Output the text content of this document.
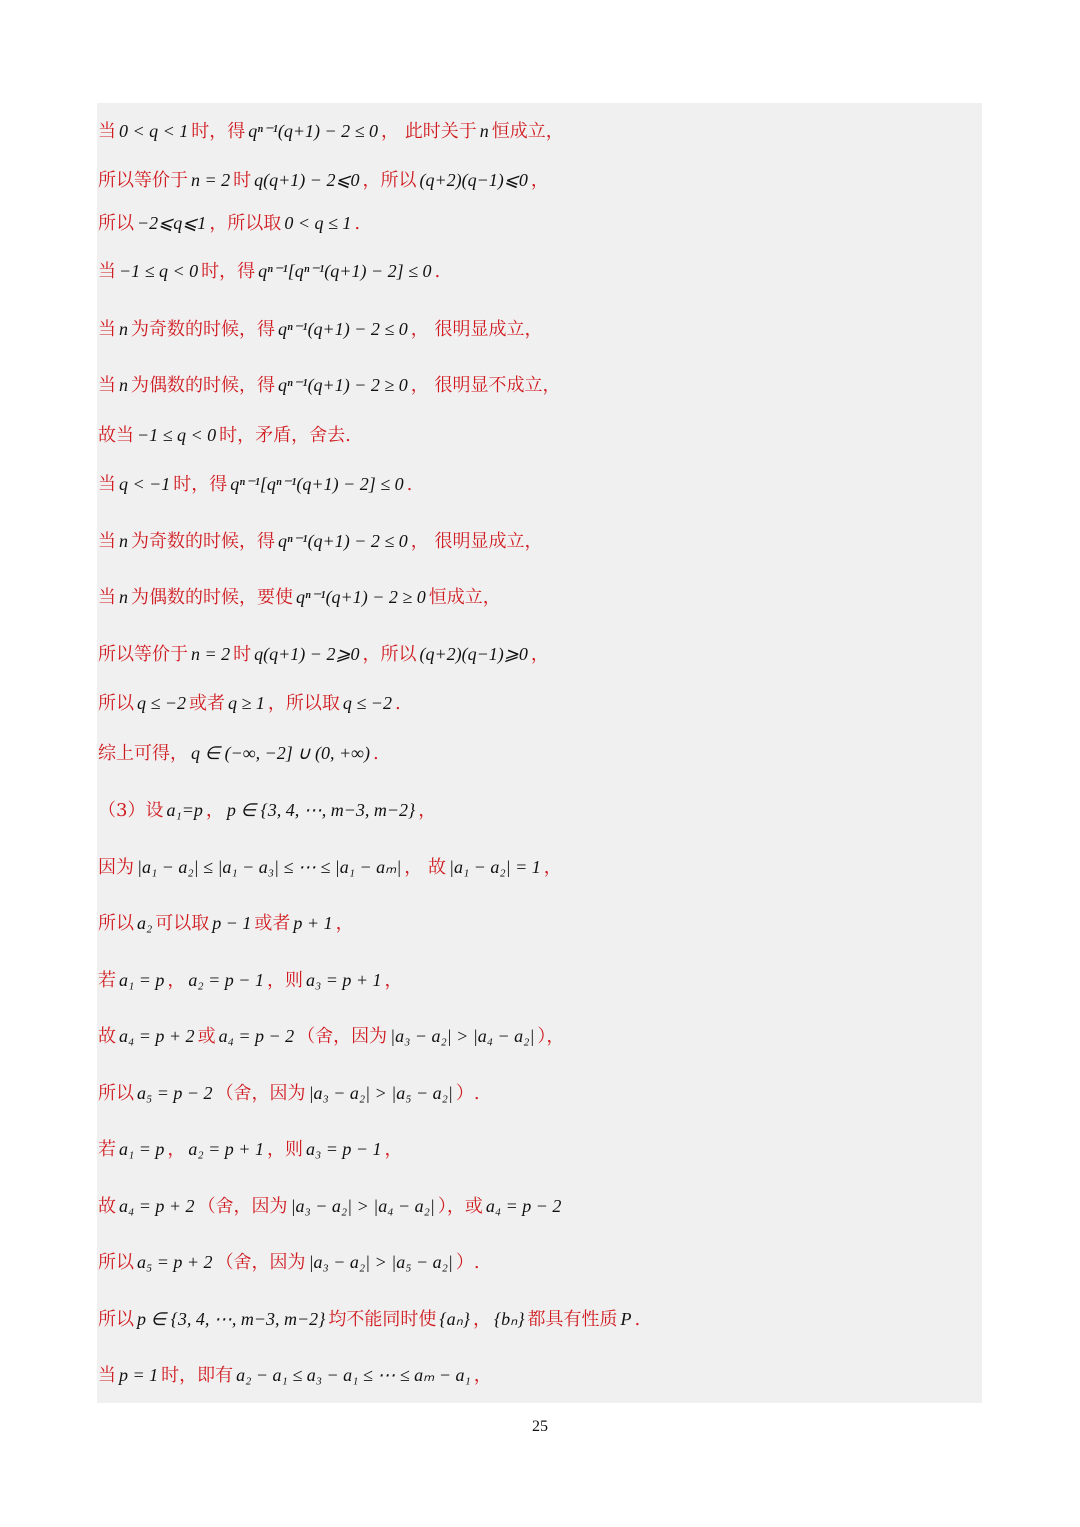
当 0 < q < 1 时，得 qⁿ⁻¹(q+1) − 2 ≤ 0 ， 此时关于 n 恒成立，
所以等价于 n = 2 时 q(q+1) − 2⩽0 ，所以 (q+2)(q−1)⩽0 ，
所以 −2⩽q⩽1 ，所以取 0 < q ≤ 1 .
当 −1 ≤ q < 0 时，得 qⁿ⁻¹[qⁿ⁻¹(q+1) − 2] ≤ 0 .
当 n 为奇数的时候，得 qⁿ⁻¹(q+1) − 2 ≤ 0 ， 很明显成立，
当 n 为偶数的时候，得 qⁿ⁻¹(q+1) − 2 ≥ 0 ， 很明显不成立，
故当 −1 ≤ q < 0 时，矛盾，舍去.
当 q < −1 时，得 qⁿ⁻¹[qⁿ⁻¹(q+1) − 2] ≤ 0 .
当 n 为奇数的时候，得 qⁿ⁻¹(q+1) − 2 ≤ 0 ， 很明显成立，
当 n 为偶数的时候，要使 qⁿ⁻¹(q+1) − 2 ≥ 0 恒成立，
所以等价于 n = 2 时 q(q+1) − 2⩾0 ，所以 (q+2)(q−1)⩾0 ，
所以 q ≤ −2 或者 q ≥ 1 ，所以取 q ≤ −2 .
综上可得， q ∈ (−∞, −2] ∪ (0, +∞) .
（3）设 a₁=p ， p ∈ {3, 4, ⋯, m−3, m−2} ，
因为 |a₁ − a₂| ≤ |a₁ − a₃| ≤ ⋯ ≤ |a₁ − aₘ| ， 故 |a₁ − a₂| = 1 ，
所以 a₂ 可以取 p − 1 或者 p + 1 ，
若 a₁ = p ， a₂ = p − 1 ，则 a₃ = p + 1 ，
故 a₄ = p + 2 或 a₄ = p − 2 （舍，因为 |a₃ − a₂| > |a₄ − a₂| ），
所以 a₅ = p − 2 （舍，因为 |a₃ − a₂| > |a₅ − a₂| ）.
若 a₁ = p ， a₂ = p + 1 ，则 a₃ = p − 1 ，
故 a₄ = p + 2 （舍，因为 |a₃ − a₂| > |a₄ − a₂| ），或 a₄ = p − 2
所以 a₅ = p + 2 （舍，因为 |a₃ − a₂| > |a₅ − a₂| ）.
所以 p ∈ {3, 4, ⋯, m−3, m−2} 均不能同时使 {aₙ} ， {bₙ} 都具有性质 P .
当 p = 1 时，即有 a₂ − a₁ ≤ a₃ − a₁ ≤ ⋯ ≤ aₘ − a₁ ，
25
